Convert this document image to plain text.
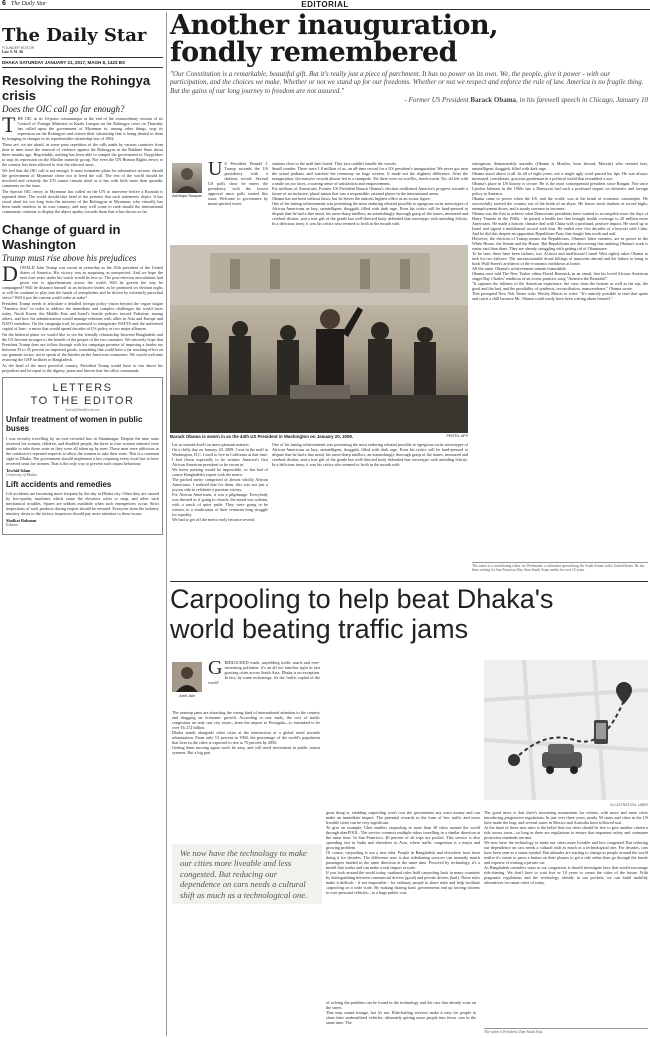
6 The Daily Star	EDITORIAL
The Daily Star
FOUNDER EDITOR
Late S. M. Ali
DHAKA SATURDAY JANUARY 21, 2017, MAGH 8, 1423 BS
Resolving the Rohingya crisis
Does the OIC call go far enough?

THE OIC in its 10-point communique at the end of the extraordinary session of its Council of Foreign Ministers in Kuala Lumpur on the Rohingya crisis on Thursday has called upon the government of Myanmar to, among other things, stop its repression on the Rohingyas and restore their citizenship that is being denied to them by bringing in changes in its reprehensible citizenship law of 1982.

These are, we are afraid, in some parts repetition of the calls made by various countries from time to time since the renewal of violence against the Rohingyas in the Rakhine State about three months ago. Regrettably, nothing has been able to compel the government in Naypyidaw to stop its repression on the Muslim minority group. Not even the UN Human Rights envoy to the country has been allowed to visit the affected areas.

We feel that the OIC call is not enough. It must formulate plans for substantive actions, should the government of Myanmar chose not to heed the call. The rest of the world should be involved and certainly the UN cannot remain aloof as it has with little more than sporadic comments on the issue.

The Special OIC envoy to Myanmar has called on the UN to intervene before a Rwanda is repeated there. The world should take heed of the portents that such statements depict. It has stood aloof for too long from the miseries of the Rohingyas in Myanmar, who virtually has been made stateless in its own country, and may well come to rank should the international community continue to display the abject apathy towards them that it has shown so far.

Change of guard in Washington
Trump must rise above his prejudices

DONALD John Trump was sworn in yesterday as the 45th president of the United States of America. His victory was as surprising as unexpected. And we hope the next four years under his watch would be less so. The post-election articulations had given rise to apprehensions across the world. Will he govern the way he campaigned? Will he distance himself as an inclusive leader, as he promised on election night, or will he continue to play into the hands of xenophobes and be driven by extremely parochial views? Will it put the current world order at stake?

President Trump needs to articulate a detailed foreign policy vision beyond the vague slogan "America first" in order to address the immediate and complex challenges the world faces today. North Korea, the Middle East and Israel's hostile policies toward Palestine, among others, and how his administration would manage relations with allies in Asia and Europe and NATO members. On the campaign trail, he promised to renegotiate NAFTA and the unfettered capital of Iran - a move that would upend decades of US policy in two major alliances.

On the bilateral plane we would like to see the friendly relationship between Bangladesh and the US become stronger to the benefit of the people of the two countries. We sincerely hope that President Trump does not follow through with his campaign promise of imposing a border tax between 35 to 45 percent on imported goods, something that could have a far reaching effect on our garment sector, not to speak of the burden on the American consumers. We would welcome restoring the GSP facilities to Bangladesh.

As the head of the most powerful country, President Trump would have to rise above his prejudices and be equal to the dignity, poise and finesse that his office commands.

LETTERS
TO THE EDITOR
letters@thedailystar.net
Unfair treatment of women in public buses

I was recently travelling by an over-crowded bus in Shantinagar. Despite the nine seats reserved for women, children, and disabled people, the three to four women onboard were unable to take those seats as they were all taken up by men. These men were oblivious to the conductor's repeated requests to allow the women to take their seats. This is a common sight in Dhaka. The government should implement a law requiring every local bus to have reserved seats for women. That is the only way to prevent such unjust behaviour.

Towhid Islam
University of Dhaka
Lift accidents and remedies

Lift accidents are becoming more frequent by the day in Dhaka city. Often they are caused by low-quality machines which cause the elevators wires to snap, and other such mechanical troubles. Spares are seldom available when such emergencies occur. Strict inspections of such products during import should be ensured. Everyone from the industry ministry down to the factory inspectors should pay more attention to these issues.

Shafkat Rahman
Eskaton
Another inauguration,
fondly remembered
"Our Constitution is a remarkable, beautiful gift. But it's really just a piece of parchment. It has no power on its own. We, the people, give it power - with our participation, and the choices we make. Whether or not we stand up for our freedoms. Whether or not we respect and enforce the rule of law. America is no fragile thing. But the gains of our long journey to freedom are not assured."
- Former US President Barack Obama, in his farewell speech in Chicago, January 10
Ashfaqur Swapan
U S President Donald J. Trump ascends the US presidency with a dubious record. Several US polls show he enters the presidency with the lowest approval since polls started this issue. Welcome to governance by mean-spirited tweet.
Barack Obama is sworn in as the 44th US President in Washington on January 20, 2009.	PHOTO: AFP
Let us instead dwell on more pleasant matters.
On a chilly day on January 20, 2009, I was in the mall in Washington, D.C. I used to live in California at that time. I had flown especially to be witness America's first African American president to be sworn in.
We knew parking would be impossible, so Ian had of course Bangladeshi expats took the metro.
The packed metro comprised of almost wholly African Americans. I realised that for them, this was not just a joyous ride to celebrate a partisan victory.
For African Americans, it was a pilgrimage. Everybody was dressed as if going to church; the mood was solemn, with a touch of quiet pride. They were going to be witness to a vindication of their centuries-long struggle for equality.
We had to get off the metro early because several
stations close to the mall had closed. They just couldn't handle the crowds.
Small wonder. There were 1.8 million of us, an all-time record for a US president's inauguration. We never got near the actual podium, and watched the ceremony on large screens. It made not the slightest difference. After the inauguration, the massive crowds almost led to a stampede. Yet there were no scuffles, harsh words. No, all left with a smile on our faces, a soaring sense of satisfaction and empowerment.
For millions of Americans, Former US President Barack Obama's election reaffirmed America's progress towards a future of an inclusive, plural nation that was a responsible, rational player in the international arena.
Obama has not been without flaws, but he leaves the nation's highest office as an iconic figure.
One of his lasting achievements was presenting the most enduring rebuttal possible to egregious racist stereotypes of African Americans as lazy, unintelligent, thuggish, filled with dark rage. Even his critics will be hard-pressed to dispute that he had a fine mind, his razor-sharp intellect, an astonishingly thorough grasp of the issues, measured and cerebral diction, and a true gift of the gentle but well-directed body defended that stereotype with unfailing felicity. In a delicious irony, it was his critics who seemed to froth in the mouth with
One of his lasting achievements was presenting the most enduring rebuttal possible to egregious racist stereotypes of African Americans as lazy, unintelligent, thuggish, filled with dark rage. Even his critics will be hard-pressed to dispute that he had a fine mind, his razor-sharp intellect, an astonishingly thorough grasp of the issues, measured and cerebral diction, and a true gift of the gentle but well-directed body defended that stereotype with unfailing felicity. In a delicious irony, it was his critics who seemed to froth in the mouth with
outrageous, demonstrably untruths (Obama is Muslim, born abroad, Marxist) who seemed lazy, unintelligent, thuggish, filled with dark rage.
Obama stood above it all. In all of eight years, not a single ugly word passed his lips. He was always measured, considerate, gracious gentleman in a political world that resembled a zoo.
Obama's place in US history is secure. He is the most consequential president since Reagan. Not since Lyndon Johnson in the 1960s has a Democrat had such a profound impact on domestic and foreign policy in America.
Obama came to power when the US, and the world, was at the brink of economic catastrophe. He successfully steered the country out of the brink of an abyss. He leaves stock markets at record highs, unemployment down, and a steady increase in incomes.
Obama was the first to achieve what Democratic presidents have wanted to accomplish since the days of Harry Truman in the 1940s - he passed a health law that brought health coverage to 20 million more Americans. He made a historic climate deal with China with a profound, positive impact. He stood up to Israel and signed a multilateral accord with Iran. He ended over five decades of a boycott with Cuba. And he did this despite an opposition Republican Party that fought him tooth and nail.
However, the election of Trump means the Republicans, Obama's bitter enemies, are in power in the White House, the Senate and the House. But Republicans are discovering that undoing Obama's work is easier said than done. They are already struggling with getting rid of Obamacare.
To be sure, there have been failures, too. Activist and intellectual Cornel West rightly takes Obama to task for two failures: The unconscionable drone killings of innocents abroad and the failure to bring to book Wall Street's architects of the economic meltdown at home.
All the same, Obama's achievements remain formidable.
Obama once told The New Yorker editor David Remnick, in an email, that his loved African American singer Ray Charles' rendition of an iconic patriotic song "America the Beautiful".
"It captures the fullness of the American experience, the view from the bottom as well as the top, the good and the bad, and the possibility of synthesis, reconciliation, transcendence," Obama wrote.
This prompted New Yok Times critic Wesley Morris to write: "It's entirely possible to read that quote and catch a chill because Mr. Obama could easily have been writing about himself."
The writer is a contributing editor for Weekender, a columnist specialising the South Asians in the United States. He has been writing for San Francisco Bay Area South Asian media for over 15 years.
Carpooling to help beat Dhaka's
world beating traffic jams
Amit Jain
GRIDLOCKED roads, unyielding traffic snarls and ever-increasing pollution: it's an all too familiar sight in fast growing cities across South Asia. Dhaka is no exception. In fact, by some reckonings, it's the 'traffic capital of the world'.
The nonstop jams are attracting the strong kind of international attention to the country and dragging on economic growth. According to one study, the cost of traffic congestion on only one city route—from the airport to Postogola—is estimated to be over Tk 272 billion.
Dhaka stands alongside other cities at the intersection of a global trend towards urbanisation. From only 13 percent in 1960, the percentage of the world's population that lives in the cities is expected to rise to 70 percent by 2050.
Getting them moving again won't be easy, and will need investment in public transit systems. But a big part
We now have the technology to make our cities more liveable and less congested. But reducing our dependence on cars needs a cultural shift as much as a technological one.
of solving the problem can be found in the technology and the cars that already exist on the street.
That may sound strange, but it's not. Ride-hailing services make it easy for people to share their underutilised vehicles, ultimately getting more people into fewer cars in the same time. The
ILLUSTRATION: UBER
great thing is, enabling carpooling won't cost the government any extra money and can make an immediate impact. The potential rewards in the form of less traffic and more liveable cities can be very significant.
To give an example, Uber enables carpooling in more than 30 cities around the world through uberPOOL. The service connects multiple riders travelling in a similar direction at the same time. In San Francisco, 40 percent of all trips are pooled. This service is also spreading fast in India and elsewhere in Asia, where traffic congestion is a major and growing problem.
Of course, carpooling is not a new idea. People in Bangladesh and elsewhere have been doing it for decades. The difference now is that ridesharing services can instantly match passengers headed in the same direction at the same time. Powered by technology, it's a model that works and can make a real impact at scale.
If you look around the world today, outdated rules hold carpooling back in many countries by distinguishing between commercial drivers (good) and private drivers (bad). These rules make it difficult - if not impossible - for ordinary people to share rides and help facilitate carpooling on a wide scale. By making sharing hard, governments end up forcing citizens to own personal vehicles—to a huge public cost.
The good news is that there's increasing momentum for reform, with more and more cities introducing progressive regulations. In just over three years, nearly 50 states and cities in the US have made the leap, and several states in Mexico and Australia have followed suit.
At the heart of these new rules is the belief that our cities should be free to give another citizen a ride across town—so long as there are regulations to ensure that important safety and consumer protection standards are met.
We now have the technology to make our cities more liveable and less congested. But reducing our dependence on cars needs a cultural shift as much as a technological one. For decades, cars have been seen as a status symbol. But attitudes are starting to change as people around the world realise it's easier to press a button on their phones to get a ride rather than go through the hassle and expense of owning a private car.
As Bangladesh considers ways to cut congestion, it should investigate laws that would encourage ride-sharing. We don't have to wait five or 10 years to create the cities of the future. With pragmatic regulations and the technology already in our pockets, we can build mobility alternatives for smart cities of today.
The writer is President, Uber South Asia.
